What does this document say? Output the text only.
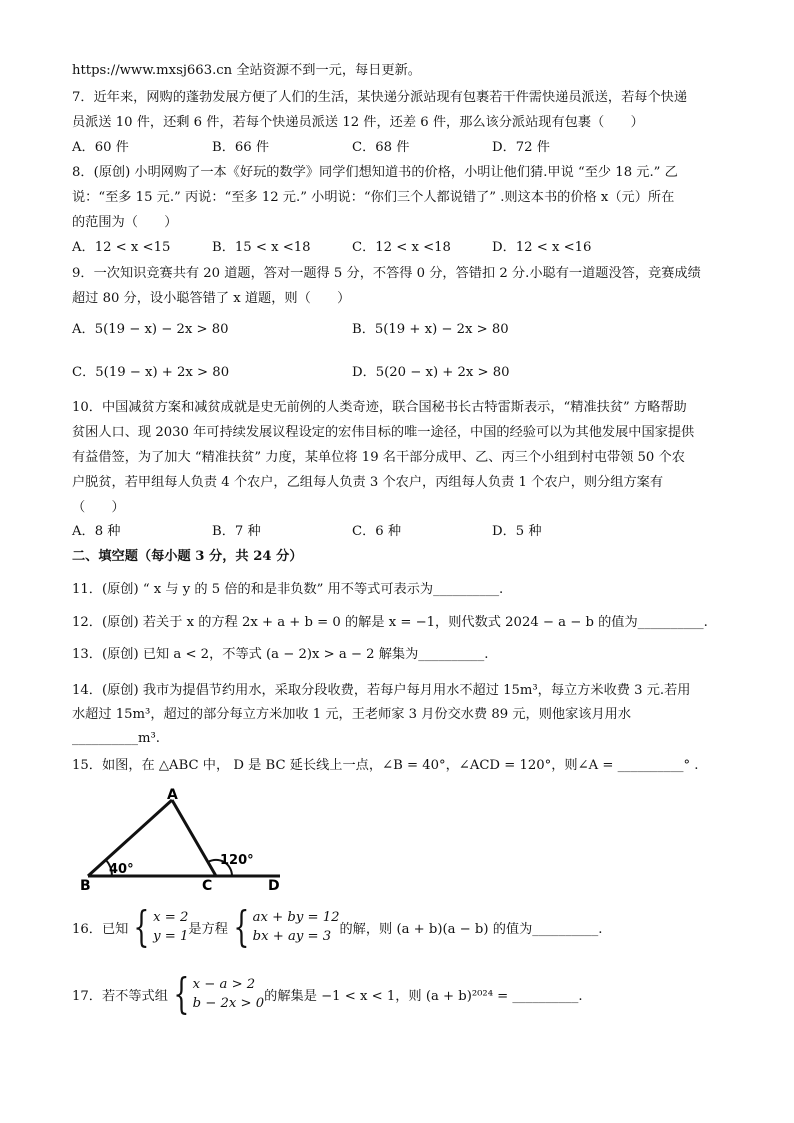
https://www.mxsj663.cn 全站资源不到一元，每日更新。
7．近年来，网购的蓬勃发展方便了人们的生活，某快递分派站现有包裹若干件需快递员派送，若每个快递
员派送 10 件，还剩 6 件，若每个快递员派送 12 件，还差 6 件，那么该分派站现有包裹（　　）
A．60 件	B．66 件	C．68 件	D．72 件
8．(原创) 小明网购了一本《好玩的数学》同学们想知道书的价格，小明让他们猜.甲说 “至少 18 元.” 乙
说：“至多 15 元.” 丙说：“至多 12 元.” 小明说：“你们三个人都说错了” .则这本书的价格 x（元）所在
的范围为（　　）
A．12 < x <15	B．15 < x <18	C．12 < x <18	D．12 < x <16
9．一次知识竞赛共有 20 道题，答对一题得 5 分，不答得 0 分，答错扣 2 分.小聪有一道题没答，竞赛成绩
超过 80 分，设小聪答错了 x 道题，则（　　）
A．5(19 − x) − 2x > 80	B．5(19 + x) − 2x > 80
C．5(19 − x) + 2x > 80	D．5(20 − x) + 2x > 80
10．中国减贫方案和减贫成就是史无前例的人类奇迹，联合国秘书长古特雷斯表示，“精准扶贫” 方略帮助
贫困人口、现 2030 年可持续发展议程设定的宏伟目标的唯一途径，中国的经验可以为其他发展中国家提供
有益借签，为了加大 “精准扶贫” 力度，某单位将 19 名干部分成甲、乙、丙三个小组到村屯带领 50 个农
户脱贫，若甲组每人负责 4 个农户，乙组每人负责 3 个农户，丙组每人负责 1 个农户，则分组方案有
（　　）
A．8 种	B．7 种	C．6 种	D．5 种
二、填空题（每小题 3 分，共 24 分）
11．(原创) “ x 与 y 的 5 倍的和是非负数” 用不等式可表示为__________.
12．(原创) 若关于 x 的方程 2x + a + b = 0 的解是 x = −1，则代数式 2024 − a − b 的值为__________.
13．(原创) 已知 a < 2，不等式 (a − 2)x > a − 2 解集为__________.
14．(原创) 我市为提倡节约用水，采取分段收费，若每户每月用水不超过 15m³，每立方米收费 3 元.若用
水超过 15m³，超过的部分每立方米加收 1 元，王老师家 3 月份交水费 89 元，则他家该月用水
__________m³.
15．如图，在 △ABC 中， D 是 BC 延长线上一点，∠B = 40°，∠ACD = 120°，则∠A = __________° .
A
B	C	D
40°
120°
16．已知 { x = 2
y = 1 是方程 { ax + by = 12
bx + ay = 3 的解，则 (a + b)(a − b) 的值为__________.
17．若不等式组 { x − a > 2
b − 2x > 0 的解集是 −1 < x < 1，则 (a + b)²⁰²⁴ = __________.
